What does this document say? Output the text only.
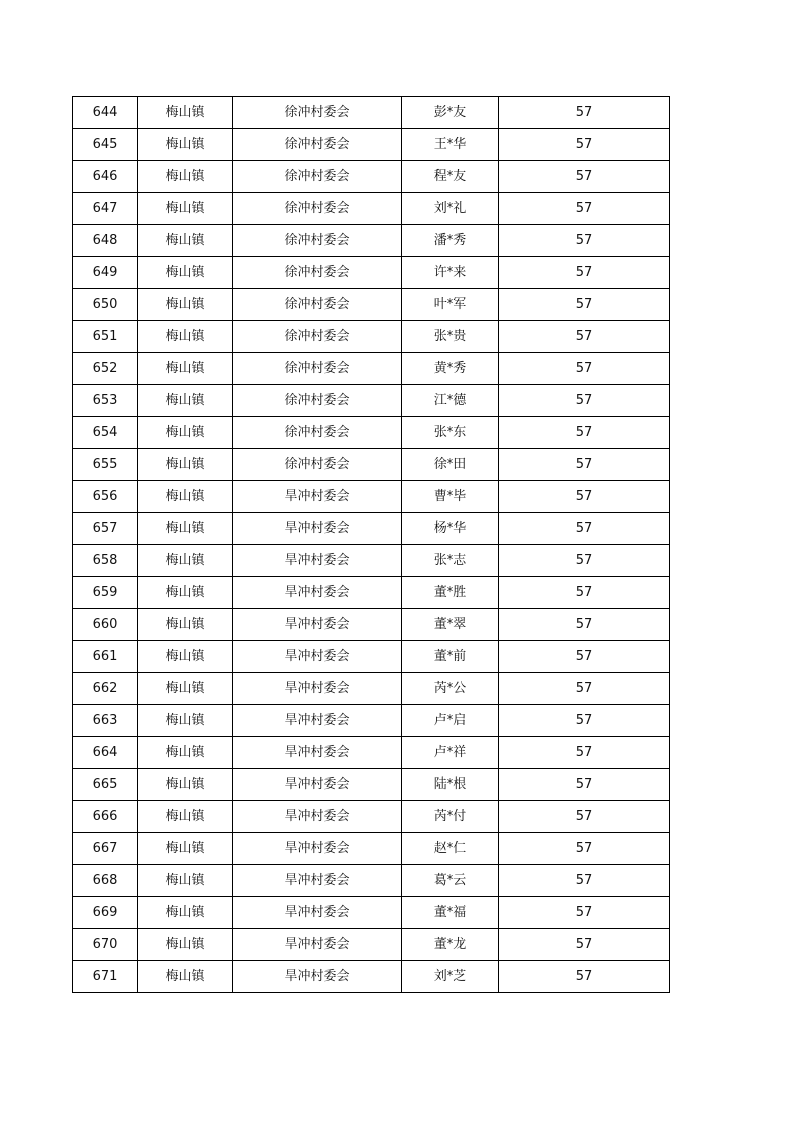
644	梅山镇	徐冲村委会	彭*友	57
645	梅山镇	徐冲村委会	王*华	57
646	梅山镇	徐冲村委会	程*友	57
647	梅山镇	徐冲村委会	刘*礼	57
648	梅山镇	徐冲村委会	潘*秀	57
649	梅山镇	徐冲村委会	许*来	57
650	梅山镇	徐冲村委会	叶*军	57
651	梅山镇	徐冲村委会	张*贵	57
652	梅山镇	徐冲村委会	黄*秀	57
653	梅山镇	徐冲村委会	江*德	57
654	梅山镇	徐冲村委会	张*东	57
655	梅山镇	徐冲村委会	徐*田	57
656	梅山镇	旱冲村委会	曹*毕	57
657	梅山镇	旱冲村委会	杨*华	57
658	梅山镇	旱冲村委会	张*志	57
659	梅山镇	旱冲村委会	董*胜	57
660	梅山镇	旱冲村委会	董*翠	57
661	梅山镇	旱冲村委会	董*前	57
662	梅山镇	旱冲村委会	芮*公	57
663	梅山镇	旱冲村委会	卢*启	57
664	梅山镇	旱冲村委会	卢*祥	57
665	梅山镇	旱冲村委会	陆*根	57
666	梅山镇	旱冲村委会	芮*付	57
667	梅山镇	旱冲村委会	赵*仁	57
668	梅山镇	旱冲村委会	葛*云	57
669	梅山镇	旱冲村委会	董*福	57
670	梅山镇	旱冲村委会	董*龙	57
671	梅山镇	旱冲村委会	刘*芝	57
